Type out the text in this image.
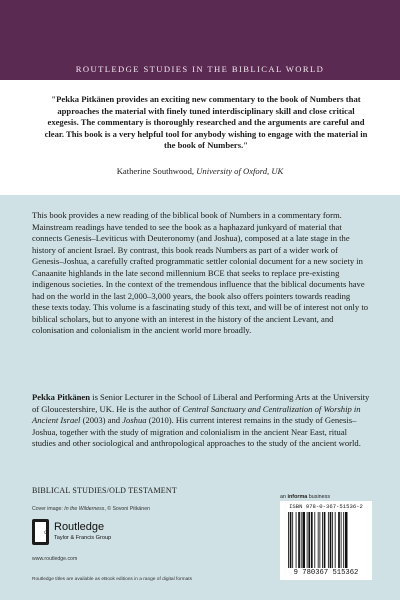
ROUTLEDGE STUDIES IN THE BIBLICAL WORLD

"Pekka Pitkänen provides an exciting new commentary to the book of Numbers that approaches the material with finely tuned interdisciplinary skill and close critical exegesis. The commentary is thoroughly researched and the arguments are careful and clear. This book is a very helpful tool for anybody wishing to engage with the material in the book of Numbers."

Katherine Southwood, University of Oxford, UK

This book provides a new reading of the biblical book of Numbers in a commentary form. Mainstream readings have tended to see the book as a haphazard junkyard of material that connects Genesis–Leviticus with Deuteronomy (and Joshua), composed at a late stage in the history of ancient Israel. By contrast, this book reads Numbers as part of a wider work of Genesis–Joshua, a carefully crafted programmatic settler colonial document for a new society in Canaanite highlands in the late second millennium BCE that seeks to replace pre-existing indigenous societies. In the context of the tremendous influence that the biblical documents have had on the world in the last 2,000–3,000 years, the book also offers pointers towards reading these texts today. This volume is a fascinating study of this text, and will be of interest not only to biblical scholars, but to anyone with an interest in the history of the ancient Levant, and colonisation and colonialism in the ancient world more broadly.

Pekka Pitkänen is Senior Lecturer in the School of Liberal and Performing Arts at the University of Gloucestershire, UK. He is the author of Central Sanctuary and Centralization of Worship in Ancient Israel (2003) and Joshua (2010). His current interest remains in the study of Genesis–Joshua, together with the study of migration and colonialism in the ancient Near East, ritual studies and other sociological and anthropological approaches to the study of the ancient world.

BIBLICAL STUDIES/OLD TESTAMENT
Cover image: In the Wilderness, © Sovoni Pitkänen
R Routledge
Taylor & Francis Group
www.routledge.com
Routledge titles are available as eBook editions in a range of digital formats
an informa business
ISBN 978-0-367-51536-2
9 780367 515362
